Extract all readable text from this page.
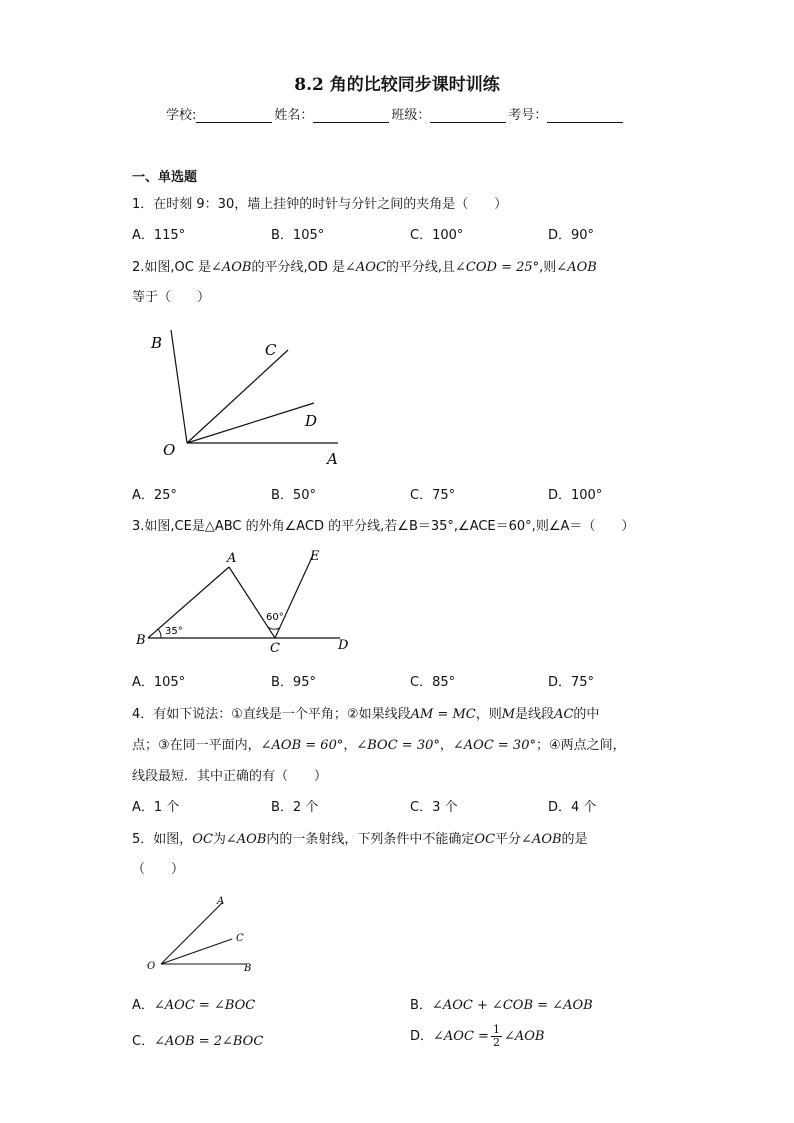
8.2 角的比较同步课时训练
学校:	姓名：	班级：	考号：
一、单选题
1．在时刻 9：30，墙上挂钟的时针与分针之间的夹角是（　　）
A．115°	B．105°	C．100°	D．90°
2.如图,OC 是∠AOB的平分线,OD 是∠AOC的平分线,且∠COD = 25°,则∠AOB
等于（　　）
B	C
D
O	A
A．25°	B．50°	C．75°	D．100°
3.如图,CE是△ABC 的外角∠ACD 的平分线,若∠B＝35°,∠ACE＝60°,则∠A＝（　　）
A
B
C	D
E
35°
60°
A．105°	B．95°	C．85°	D．75°
4．有如下说法：①直线是一个平角；②如果线段AM = MC，则M是线段AC的中
点；③在同一平面内，∠AOB = 60°，∠BOC = 30°，∠AOC = 30°；④两点之间，
线段最短．其中正确的有（　　）
A．1 个	B．2 个	C．3 个	D．4 个
5．如图，OC为∠AOB内的一条射线，下列条件中不能确定OC平分∠AOB的是
（　　）
A
C
O	B
A．∠AOC = ∠BOC	B．∠AOC + ∠COB = ∠AOB
C．∠AOB = 2∠BOC	D．∠AOC = $\frac{1}{2}$ ∠AOB
